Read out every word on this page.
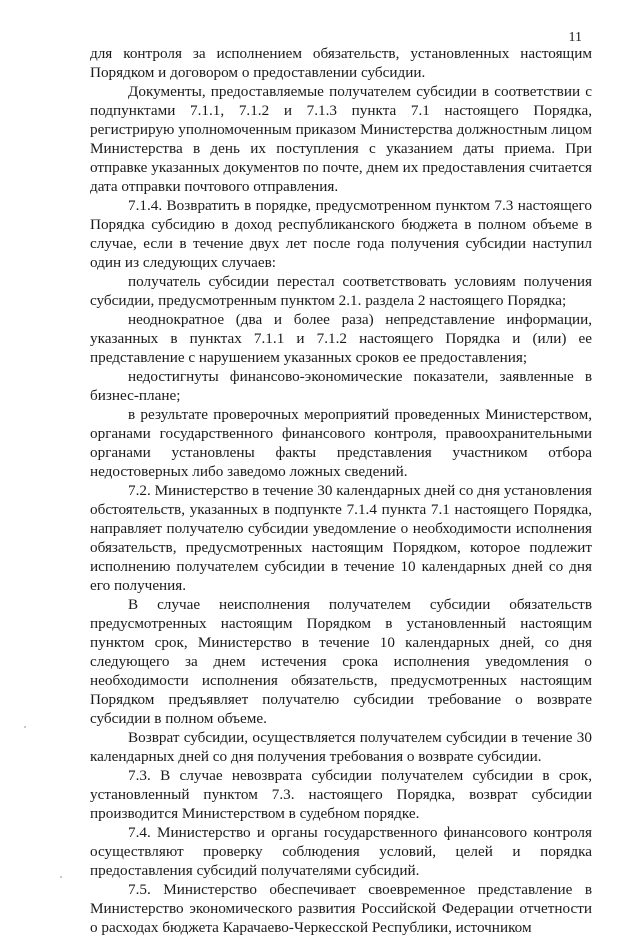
11

для контроля за исполнением обязательств, установленных настоящим Порядком и договором о предоставлении субсидии.

Документы, предоставляемые получателем субсидии в соответствии с подпунктами 7.1.1, 7.1.2 и 7.1.3 пункта 7.1 настоящего Порядка, регистрирую уполномоченным приказом Министерства должностным лицом Министерства в день их поступления с указанием даты приема. При отправке указанных документов по почте, днем их предоставления считается дата отправки почтового отправления.

7.1.4. Возвратить в порядке, предусмотренном пунктом 7.3 настоящего Порядка субсидию в доход республиканского бюджета в полном объеме в случае, если в течение двух лет после года получения субсидии наступил один из следующих случаев:

получатель субсидии перестал соответствовать условиям получения субсидии, предусмотренным пунктом 2.1. раздела 2 настоящего Порядка;

неоднократное (два и более раза) непредставление информации, указанных в пунктах 7.1.1 и 7.1.2 настоящего Порядка и (или) ее представление с нарушением указанных сроков ее предоставления;

недостигнуты финансово-экономические показатели, заявленные в бизнес-плане;

в результате проверочных мероприятий проведенных Министерством, органами государственного финансового контроля, правоохранительными органами установлены факты представления участником отбора недостоверных либо заведомо ложных сведений.

7.2. Министерство в течение 30 календарных дней со дня установления обстоятельств, указанных в подпункте 7.1.4 пункта 7.1 настоящего Порядка, направляет получателю субсидии уведомление о необходимости исполнения обязательств, предусмотренных настоящим Порядком, которое подлежит исполнению получателем субсидии в течение 10 календарных дней со дня его получения.

В случае неисполнения получателем субсидии обязательств предусмотренных настоящим Порядком в установленный настоящим пунктом срок, Министерство в течение 10 календарных дней, со дня следующего за днем истечения срока исполнения уведомления о необходимости исполнения обязательств, предусмотренных настоящим Порядком предъявляет получателю субсидии требование о возврате субсидии в полном объеме.

Возврат субсидии, осуществляется получателем субсидии в течение 30 календарных дней со дня получения требования о возврате субсидии.

7.3. В случае невозврата субсидии получателем субсидии в срок, установленный пунктом 7.3. настоящего Порядка, возврат субсидии производится Министерством в судебном порядке.

7.4. Министерство и органы государственного финансового контроля осуществляют проверку соблюдения условий, целей и порядка предоставления субсидий получателями субсидий.

7.5. Министерство обеспечивает своевременное представление в Министерство экономического развития Российской Федерации отчетности о расходах бюджета Карачаево-Черкесской Республики, источником
